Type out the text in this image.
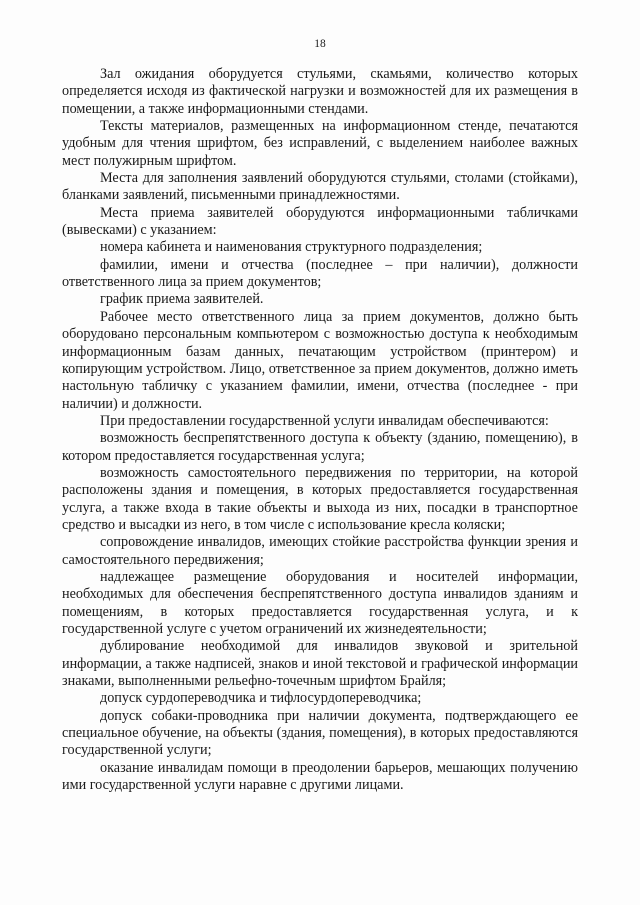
18

Зал ожидания оборудуется стульями, скамьями, количество которых определяется исходя из фактической нагрузки и возможностей для их размещения в помещении, а также информационными стендами.

Тексты материалов, размещенных на информационном стенде, печатаются удобным для чтения шрифтом, без исправлений, с выделением наиболее важных мест полужирным шрифтом.

Места для заполнения заявлений оборудуются стульями, столами (стойками), бланками заявлений, письменными принадлежностями.

Места приема заявителей оборудуются информационными табличками (вывесками) с указанием:

номера кабинета и наименования структурного подразделения;

фамилии, имени и отчества (последнее – при наличии), должности ответственного лица за прием документов;

график приема заявителей.

Рабочее место ответственного лица за прием документов, должно быть оборудовано персональным компьютером с возможностью доступа к необходимым информационным базам данных, печатающим устройством (принтером) и копирующим устройством. Лицо, ответственное за прием документов, должно иметь настольную табличку с указанием фамилии, имени, отчества (последнее - при наличии) и должности.

При предоставлении государственной услуги инвалидам обеспечиваются:

возможность беспрепятственного доступа к объекту (зданию, помещению), в котором предоставляется государственная услуга;

возможность самостоятельного передвижения по территории, на которой расположены здания и помещения, в которых предоставляется государственная услуга, а также входа в такие объекты и выхода из них, посадки в транспортное средство и высадки из него, в том числе с использование кресла коляски;

сопровождение инвалидов, имеющих стойкие расстройства функции зрения и самостоятельного передвижения;

надлежащее размещение оборудования и носителей информации, необходимых для обеспечения беспрепятственного доступа инвалидов зданиям и помещениям, в которых предоставляется государственная услуга, и к государственной услуге с учетом ограничений их жизнедеятельности;

дублирование необходимой для инвалидов звуковой и зрительной информации, а также надписей, знаков и иной текстовой и графической информации знаками, выполненными рельефно-точечным шрифтом Брайля;

допуск сурдопереводчика и тифлосурдопереводчика;

допуск собаки-проводника при наличии документа, подтверждающего ее специальное обучение, на объекты (здания, помещения), в которых предоставляются государственной услуги;

оказание инвалидам помощи в преодолении барьеров, мешающих получению ими государственной услуги наравне с другими лицами.
